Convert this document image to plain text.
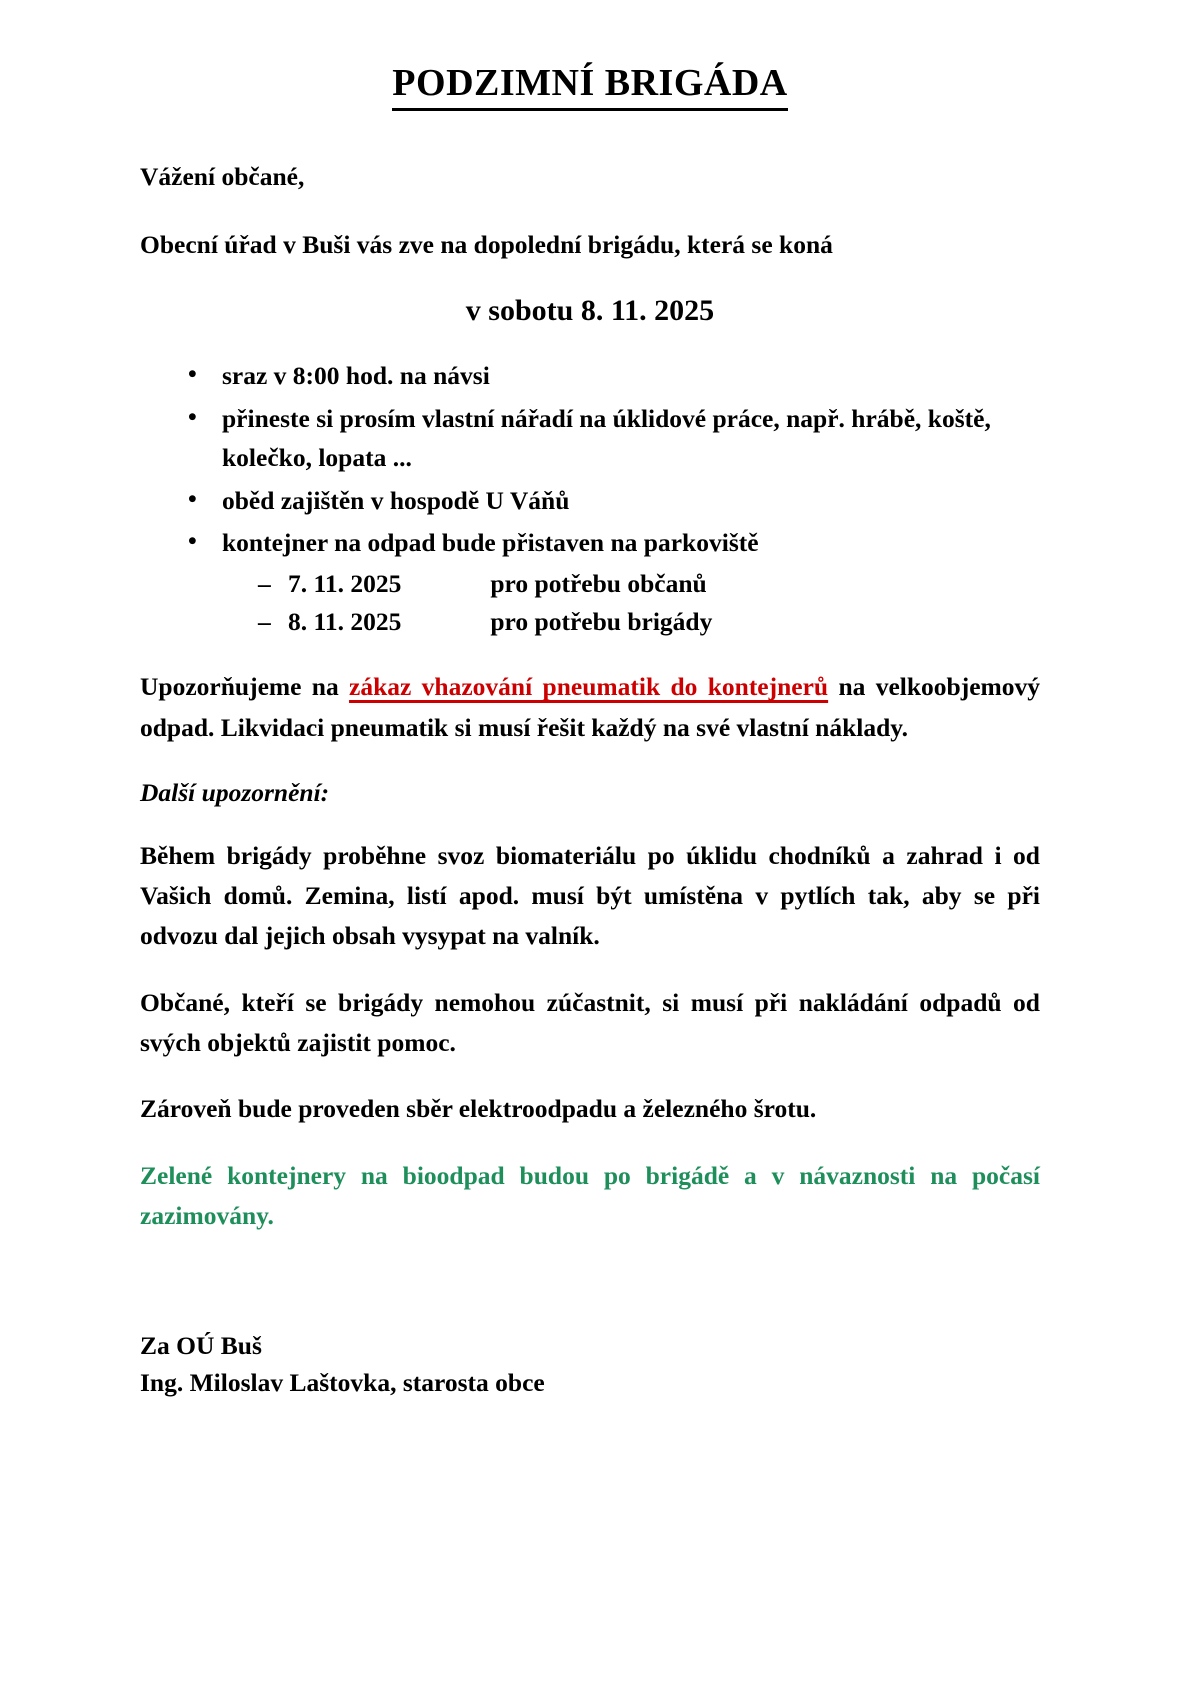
PODZIMNÍ BRIGÁDA

Vážení občané,

Obecní úřad v Buši vás zve na dopolední brigádu, která se koná

v sobotu 8. 11. 2025

• sraz v 8:00 hod. na návsi
• přineste si prosím vlastní nářadí na úklidové práce, např. hrábě, koště, kolečko, lopata ...
• oběd zajištěn v hospodě U Váňů
• kontejner na odpad bude přistaven na parkoviště
– 7. 11. 2025	pro potřebu občanů
– 8. 11. 2025	pro potřebu brigády

Upozorňujeme na zákaz vhazování pneumatik do kontejnerů na velkoobjemový odpad. Likvidaci pneumatik si musí řešit každý na své vlastní náklady.

Další upozornění:

Během brigády proběhne svoz biomateriálu po úklidu chodníků a zahrad i od Vašich domů. Zemina, listí apod. musí být umístěna v pytlích tak, aby se při odvozu dal jejich obsah vysypat na valník.

Občané, kteří se brigády nemohou zúčastnit, si musí při nakládání odpadů od svých objektů zajistit pomoc.

Zároveň bude proveden sběr elektroodpadu a železného šrotu.

Zelené kontejnery na bioodpad budou po brigádě a v návaznosti na počasí zazimovány.

Za OÚ Buš
Ing. Miloslav Laštovka, starosta obce
